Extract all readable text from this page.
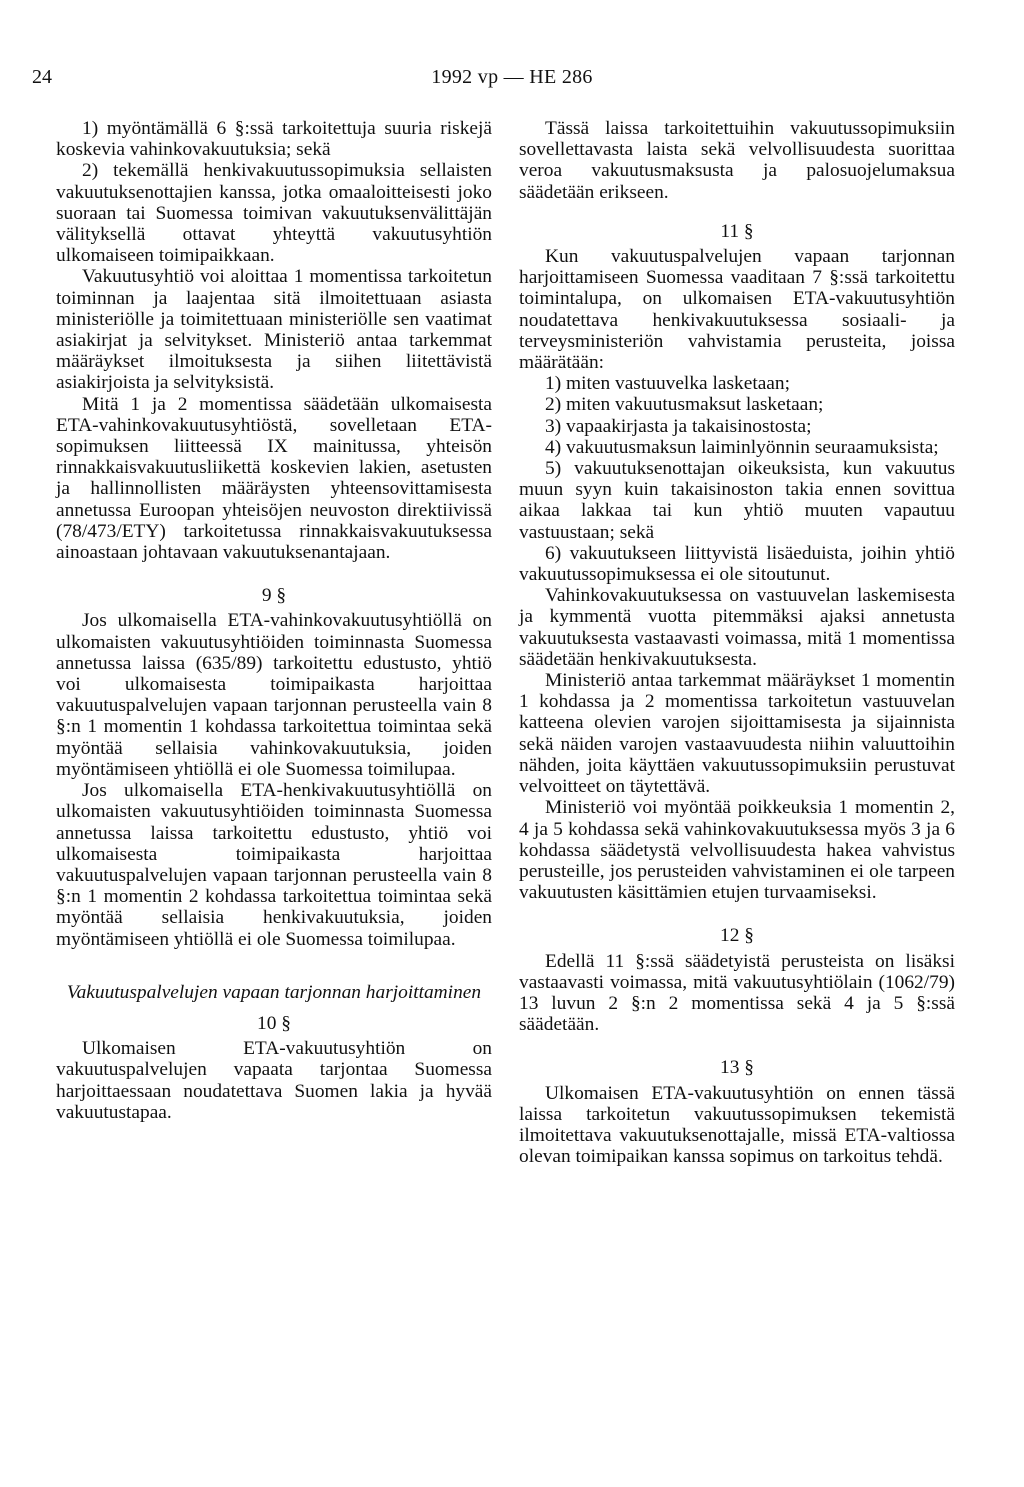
24	1992 vp — HE 286

1) myöntämällä 6 §:ssä tarkoitettuja suuria riskejä koskevia vahinkovakuutuksia; sekä

2) tekemällä henkivakuutussopimuksia sellaisten vakuutuksenottajien kanssa, jotka omaaloitteisesti joko suoraan tai Suomessa toimivan vakuutuksenvälittäjän välityksellä ottavat yhteyttä vakuutusyhtiön ulkomaiseen toimipaikkaan.

Vakuutusyhtiö voi aloittaa 1 momentissa tarkoitetun toiminnan ja laajentaa sitä ilmoitettuaan asiasta ministeriölle ja toimitettuaan ministeriölle sen vaatimat asiakirjat ja selvitykset. Ministeriö antaa tarkemmat määräykset ilmoituksesta ja siihen liitettävistä asiakirjoista ja selvityksistä.

Mitä 1 ja 2 momentissa säädetään ulkomaisesta ETA-vahinkovakuutusyhtiöstä, sovelletaan ETA-sopimuksen liitteessä IX mainitussa, yhteisön rinnakkaisvakuutusliikettä koskevien lakien, asetusten ja hallinnollisten määräysten yhteensovittamisesta annetussa Euroopan yhteisöjen neuvoston direktiivissä (78/473/ETY) tarkoitetussa rinnakkaisvakuutuksessa ainoastaan johtavaan vakuutuksenantajaan.

9 §

Jos ulkomaisella ETA-vahinkovakuutusyhtiöllä on ulkomaisten vakuutusyhtiöiden toiminnasta Suomessa annetussa laissa (635/89) tarkoitettu edustusto, yhtiö voi ulkomaisesta toimipaikasta harjoittaa vakuutuspalvelujen vapaan tarjonnan perusteella vain 8 §:n 1 momentin 1 kohdassa tarkoitettua toimintaa sekä myöntää sellaisia vahinkovakuutuksia, joiden myöntämiseen yhtiöllä ei ole Suomessa toimilupaa.

Jos ulkomaisella ETA-henkivakuutusyhtiöllä on ulkomaisten vakuutusyhtiöiden toiminnasta Suomessa annetussa laissa tarkoitettu edustusto, yhtiö voi ulkomaisesta toimipaikasta harjoittaa vakuutuspalvelujen vapaan tarjonnan perusteella vain 8 §:n 1 momentin 2 kohdassa tarkoitettua toimintaa sekä myöntää sellaisia henkivakuutuksia, joiden myöntämiseen yhtiöllä ei ole Suomessa toimilupaa.

Vakuutuspalvelujen vapaan tarjonnan harjoittaminen

10 §

Ulkomaisen ETA-vakuutusyhtiön on vakuutuspalvelujen vapaata tarjontaa Suomessa harjoittaessaan noudatettava Suomen lakia ja hyvää vakuutustapaa.

Tässä laissa tarkoitettuihin vakuutussopimuksiin sovellettavasta laista sekä velvollisuudesta suorittaa veroa vakuutusmaksusta ja palosuojelumaksua säädetään erikseen.

11 §

Kun vakuutuspalvelujen vapaan tarjonnan harjoittamiseen Suomessa vaaditaan 7 §:ssä tarkoitettu toimintalupa, on ulkomaisen ETA-vakuutusyhtiön noudatettava henkivakuutuksessa sosiaali- ja terveysministeriön vahvistamia perusteita, joissa määrätään:

1) miten vastuuvelka lasketaan;

2) miten vakuutusmaksut lasketaan;

3) vapaakirjasta ja takaisinostosta;

4) vakuutusmaksun laiminlyönnin seuraamuksista;

5) vakuutuksenottajan oikeuksista, kun vakuutus muun syyn kuin takaisinoston takia ennen sovittua aikaa lakkaa tai kun yhtiö muuten vapautuu vastuustaan; sekä

6) vakuutukseen liittyvistä lisäeduista, joihin yhtiö vakuutussopimuksessa ei ole sitoutunut.

Vahinkovakuutuksessa on vastuuvelan laskemisesta ja kymmentä vuotta pitemmäksi ajaksi annetusta vakuutuksesta vastaavasti voimassa, mitä 1 momentissa säädetään henkivakuutuksesta.

Ministeriö antaa tarkemmat määräykset 1 momentin 1 kohdassa ja 2 momentissa tarkoitetun vastuuvelan katteena olevien varojen sijoittamisesta ja sijainnista sekä näiden varojen vastaavuudesta niihin valuuttoihin nähden, joita käyttäen vakuutussopimuksiin perustuvat velvoitteet on täytettävä.

Ministeriö voi myöntää poikkeuksia 1 momentin 2, 4 ja 5 kohdassa sekä vahinkovakuutuksessa myös 3 ja 6 kohdassa säädetystä velvollisuudesta hakea vahvistus perusteille, jos perusteiden vahvistaminen ei ole tarpeen vakuutusten käsittämien etujen turvaamiseksi.

12 §

Edellä 11 §:ssä säädetyistä perusteista on lisäksi vastaavasti voimassa, mitä vakuutusyhtiölain (1062/79) 13 luvun 2 §:n 2 momentissa sekä 4 ja 5 §:ssä säädetään.

13 §

Ulkomaisen ETA-vakuutusyhtiön on ennen tässä laissa tarkoitetun vakuutussopimuksen tekemistä ilmoitettava vakuutuksenottajalle, missä ETA-valtiossa olevan toimipaikan kanssa sopimus on tarkoitus tehdä.
